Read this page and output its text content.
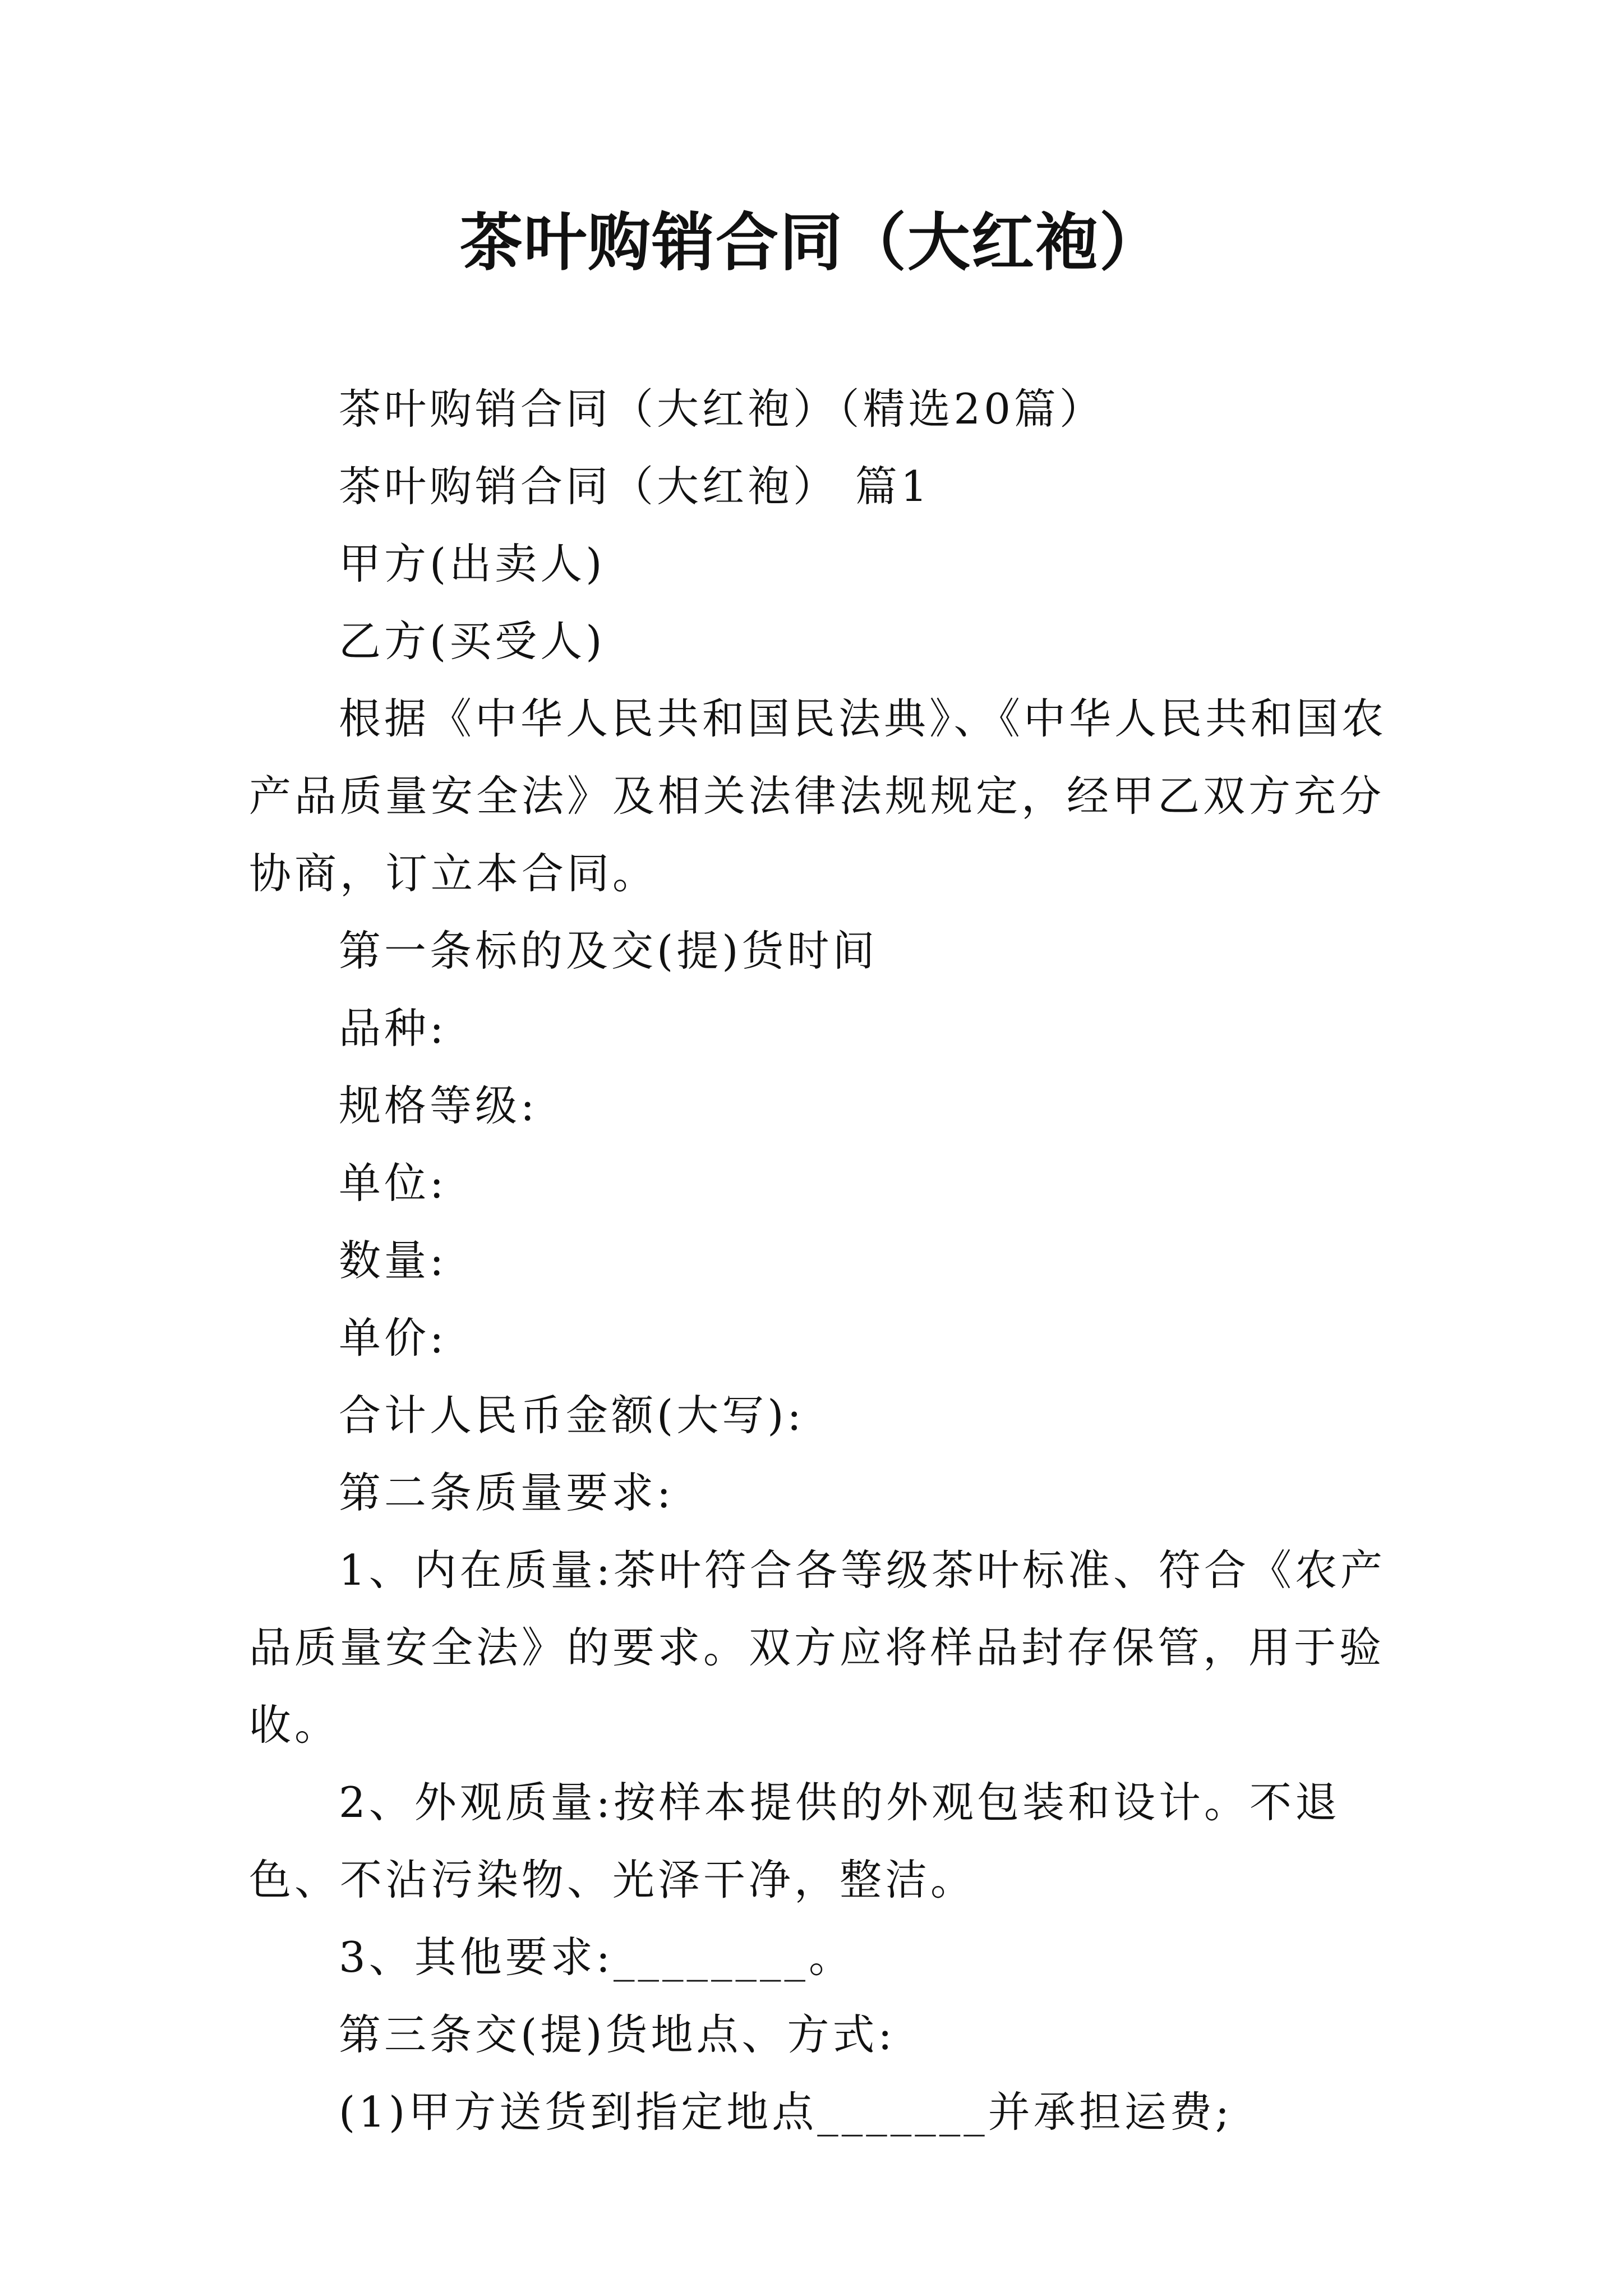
茶叶购销合同（大红袍）

茶叶购销合同（大红袍）（精选20篇）

茶叶购销合同（大红袍） 篇1

甲方(出卖人)

乙方(买受人)

根据《中华人民共和国民法典》、《中华人民共和国农产品质量安全法》及相关法律法规规定，经甲乙双方充分协商，订立本合同。

第一条标的及交(提)货时间

品种:

规格等级:

单位:

数量:

单价:

合计人民币金额(大写):

第二条质量要求:

1、内在质量:茶叶符合各等级茶叶标准、符合《农产品质量安全法》的要求。双方应将样品封存保管，用于验收。

2、外观质量:按样本提供的外观包装和设计。不退色、不沾污染物、光泽干净，整洁。

3、其他要求:________。

第三条交(提)货地点、方式:

(1)甲方送货到指定地点_______并承担运费;
